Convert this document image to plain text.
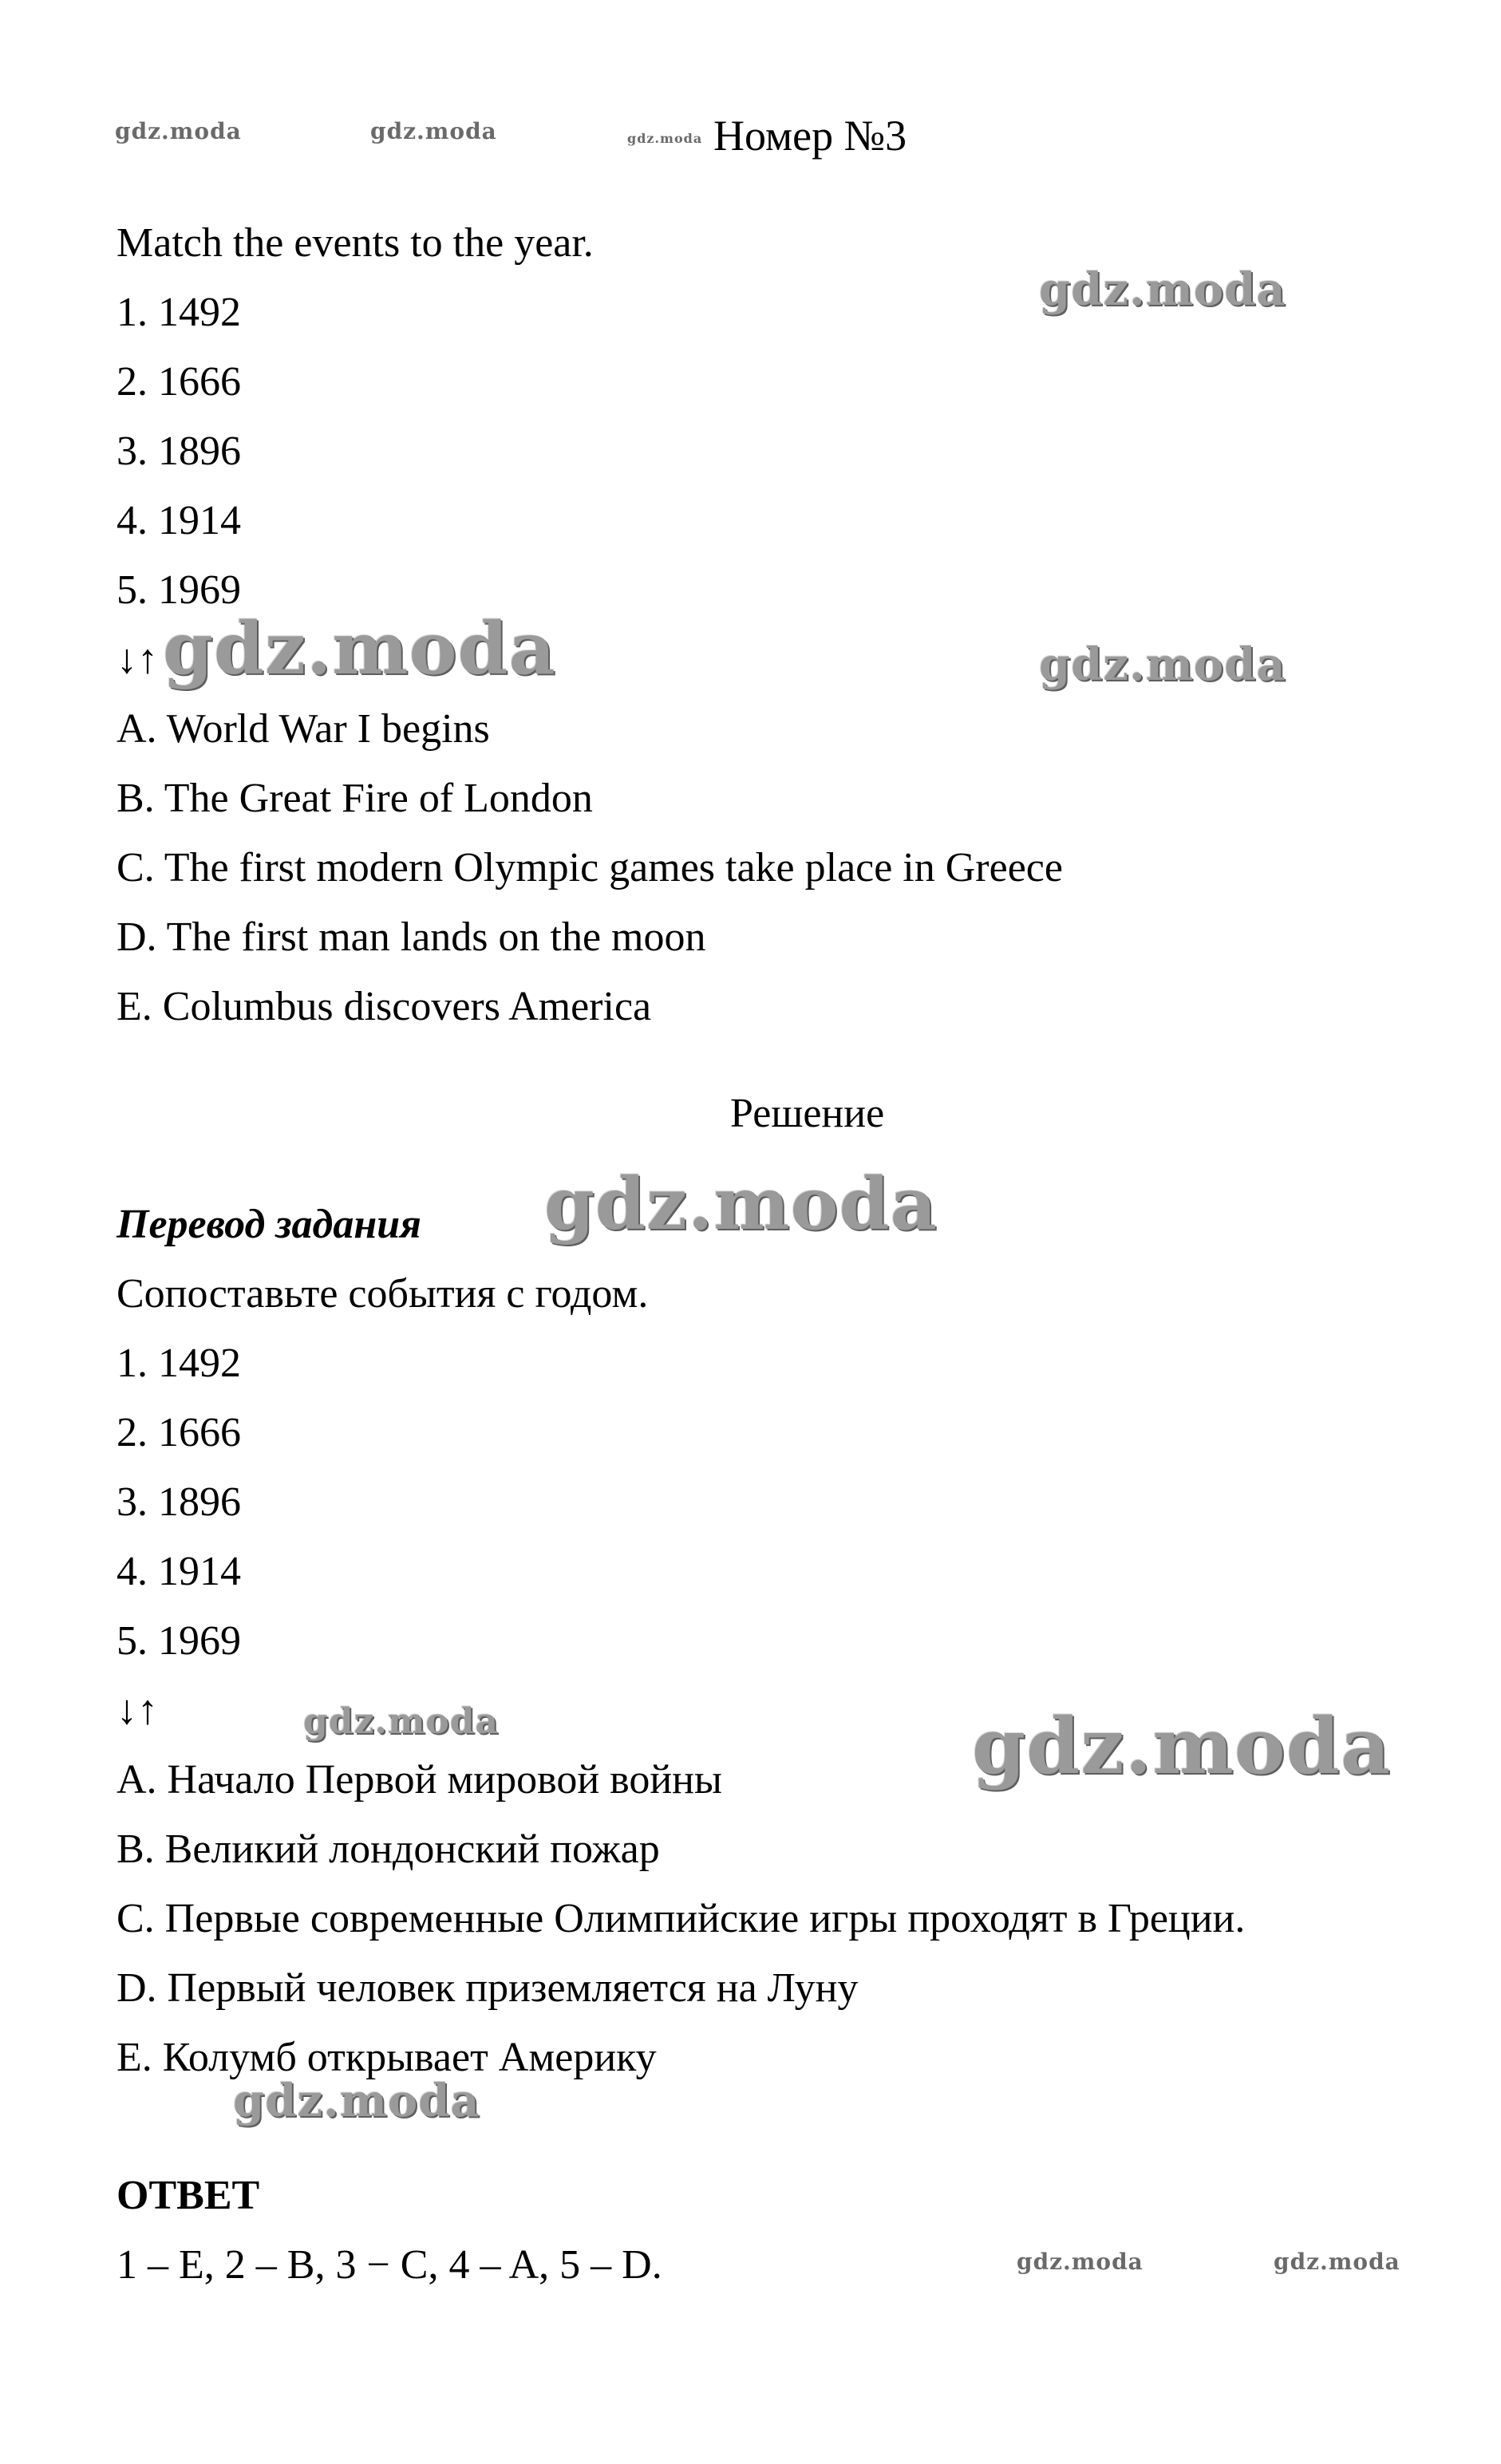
gdz.moda	gdz.moda	gdz.moda
gdz.moda
gdz.moda	gdz.moda
gdz.moda
gdz.moda	gdz.moda
gdz.moda
gdz.moda	gdz.moda
Номер №3
Match the events to the year.
1. 1492
2. 1666
3. 1896
4. 1914
5. 1969
↓↑
A. World War I begins
B. The Great Fire of London
C. The first modern Olympic games take place in Greece
D. The first man lands on the moon
E. Columbus discovers America
Решение
Перевод задания
Сопоставьте события с годом.
1. 1492
2. 1666
3. 1896
4. 1914
5. 1969
↓↑
A. Начало Первой мировой войны
B. Великий лондонский пожар
C. Первые современные Олимпийские игры проходят в Греции.
D. Первый человек приземляется на Луну
E. Колумб открывает Америку
ОТВЕТ
1 – E, 2 – B, 3 − C, 4 – A, 5 – D.
